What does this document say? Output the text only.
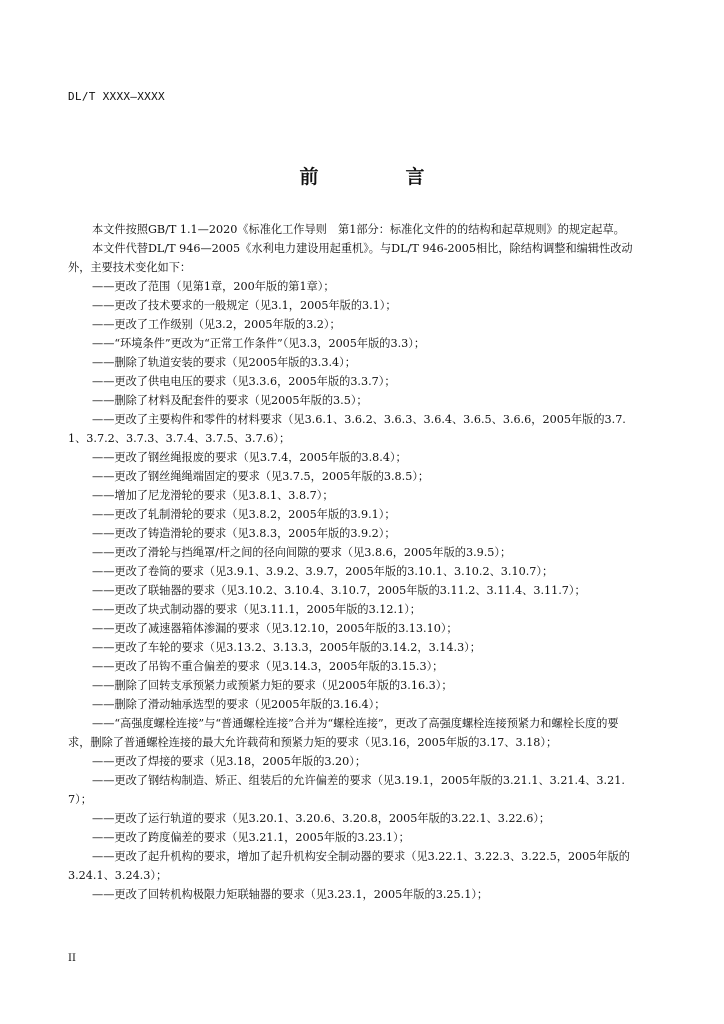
DL/T XXXX—XXXX
前　言

本文件按照GB/T 1.1—2020《标准化工作导则　第1部分：标准化文件的的结构和起草规则》的规定起草。

本文件代替DL/T 946—2005《水利电力建设用起重机》。与DL/T 946-2005相比，除结构调整和编辑性改动外，主要技术变化如下：

——更改了范围（见第1章，200年版的第1章）；

——更改了技术要求的一般规定（见3.1，2005年版的3.1）；

——更改了工作级别（见3.2，2005年版的3.2）；

——“环境条件”更改为“正常工作条件”（见3.3，2005年版的3.3）；

——删除了轨道安装的要求（见2005年版的3.3.4）；

——更改了供电电压的要求（见3.3.6，2005年版的3.3.7）；

——删除了材料及配套件的要求（见2005年版的3.5）；

——更改了主要构件和零件的材料要求（见3.6.1、3.6.2、3.6.3、3.6.4、3.6.5、3.6.6，2005年版的3.7.1、3.7.2、3.7.3、3.7.4、3.7.5、3.7.6）；

——更改了钢丝绳报废的要求（见3.7.4，2005年版的3.8.4）；

——更改了钢丝绳绳端固定的要求（见3.7.5，2005年版的3.8.5）；

——增加了尼龙滑轮的要求（见3.8.1、3.8.7）；

——更改了轧制滑轮的要求（见3.8.2，2005年版的3.9.1）；

——更改了铸造滑轮的要求（见3.8.3，2005年版的3.9.2）；

——更改了滑轮与挡绳罩/杆之间的径向间隙的要求（见3.8.6，2005年版的3.9.5）；

——更改了卷筒的要求（见3.9.1、3.9.2、3.9.7，2005年版的3.10.1、3.10.2、3.10.7）；

——更改了联轴器的要求（见3.10.2、3.10.4、3.10.7，2005年版的3.11.2、3.11.4、3.11.7）；

——更改了块式制动器的要求（见3.11.1，2005年版的3.12.1）；

——更改了减速器箱体渗漏的要求（见3.12.10，2005年版的3.13.10）；

——更改了车轮的要求（见3.13.2、3.13.3，2005年版的3.14.2，3.14.3）；

——更改了吊钩不重合偏差的要求（见3.14.3，2005年版的3.15.3）；

——删除了回转支承预紧力或预紧力矩的要求（见2005年版的3.16.3）；

——删除了滑动轴承选型的要求（见2005年版的3.16.4）；

——“高强度螺栓连接”与“普通螺栓连接”合并为“螺栓连接”，更改了高强度螺栓连接预紧力和螺栓长度的要求，删除了普通螺栓连接的最大允许载荷和预紧力矩的要求（见3.16，2005年版的3.17、3.18）；

——更改了焊接的要求（见3.18，2005年版的3.20）；

——更改了钢结构制造、矫正、组装后的允许偏差的要求（见3.19.1，2005年版的3.21.1、3.21.4、3.21.7）；

——更改了运行轨道的要求（见3.20.1、3.20.6、3.20.8，2005年版的3.22.1、3.22.6）；

——更改了跨度偏差的要求（见3.21.1，2005年版的3.23.1）；

——更改了起升机构的要求，增加了起升机构安全制动器的要求（见3.22.1、3.22.3、3.22.5，2005年版的3.24.1、3.24.3）；

——更改了回转机构极限力矩联轴器的要求（见3.23.1，2005年版的3.25.1）；

II
